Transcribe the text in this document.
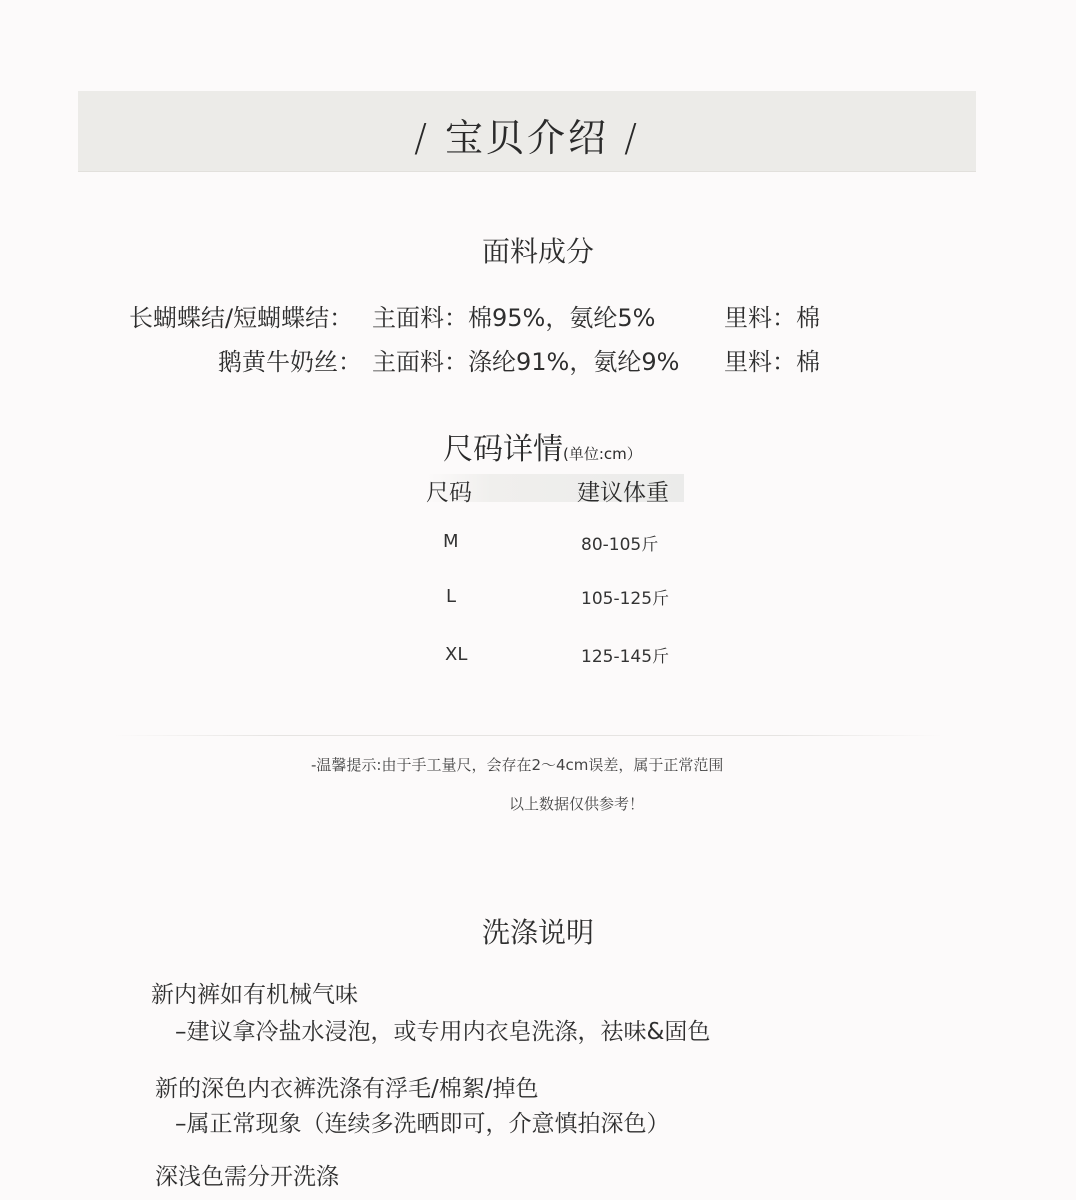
/ 宝贝介绍 /
面料成分
长蝴蝶结/短蝴蝶结： 主面料：棉95%，氨纶5%	里料：棉
鹅黄牛奶丝： 主面料：涤纶91%，氨纶9% 里料：棉
尺码详情(单位:cm）
尺码	建议体重
M	80-105斤
L	105-125斤
XL	125-145斤
-温馨提示:由于手工量尺，会存在2～4cm误差，属于正常范围
以上数据仅供参考！
洗涤说明
新内裤如有机械气味
–建议拿冷盐水浸泡，或专用内衣皂洗涤，祛味&固色
新的深色内衣裤洗涤有浮毛/棉絮/掉色
–属正常现象（连续多洗晒即可，介意慎拍深色）
深浅色需分开洗涤
